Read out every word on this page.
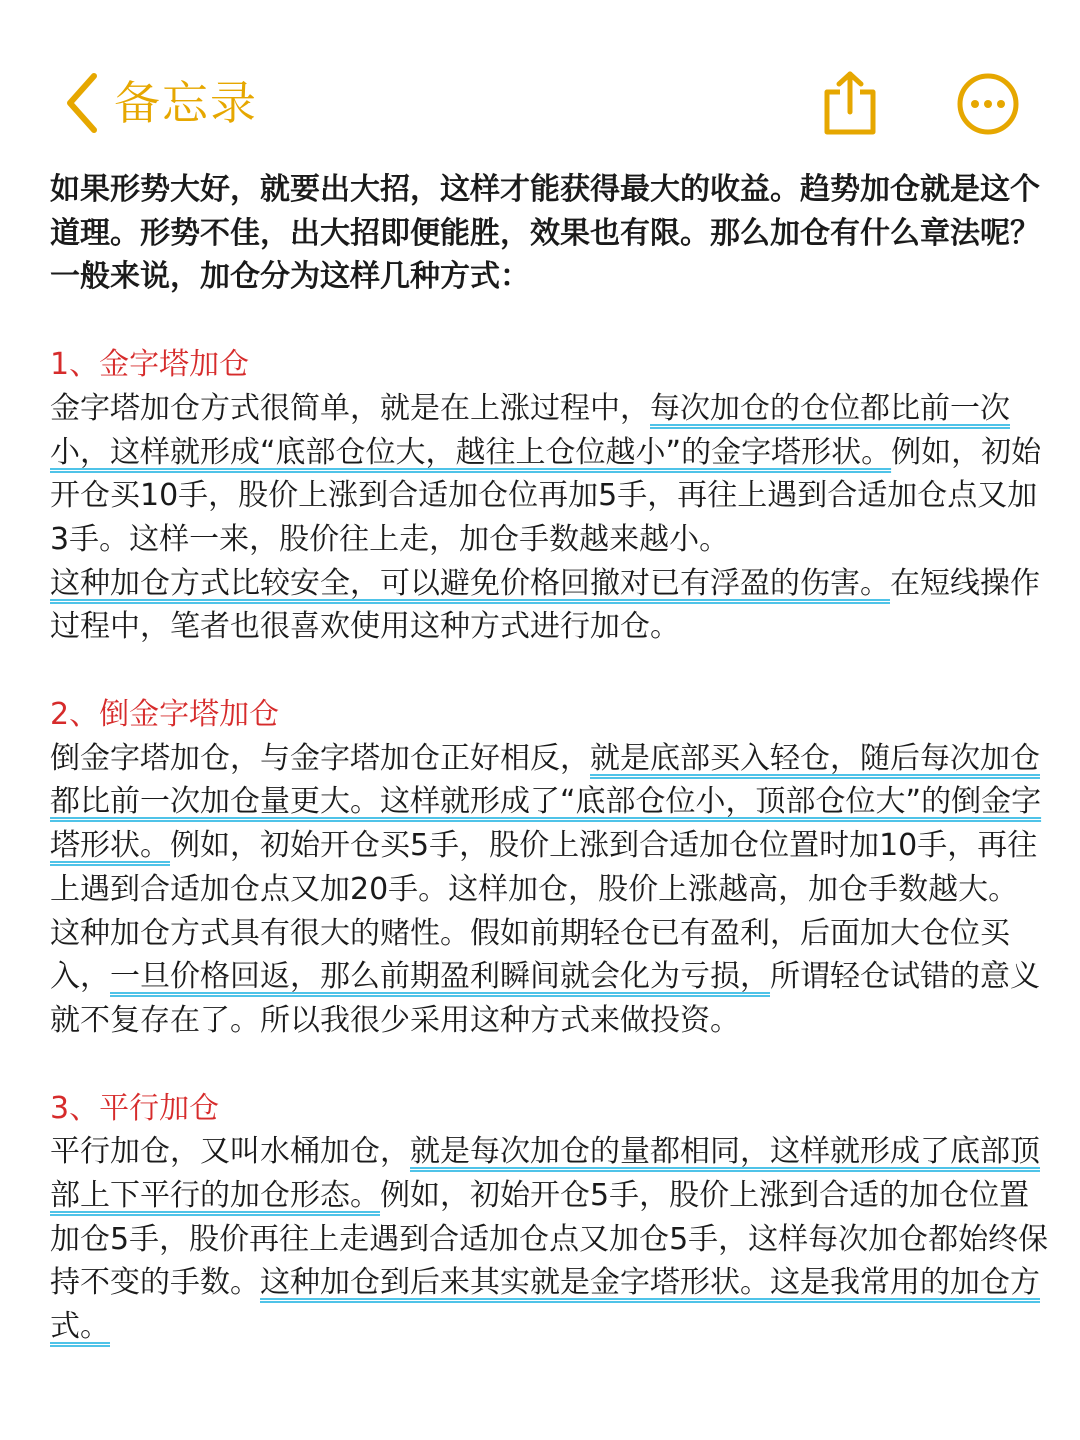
备忘录

如果形势大好，就要出大招，这样才能获得最大的收益。趋势加仓就是这个道理。形势不佳，出大招即便能胜，效果也有限。那么加仓有什么章法呢？一般来说，加仓分为这样几种方式：

1、金字塔加仓

金字塔加仓方式很简单，就是在上涨过程中，每次加仓的仓位都比前一次小，这样就形成“底部仓位大，越往上仓位越小”的金字塔形状。例如，初始开仓买10手，股价上涨到合适加仓位再加5手，再往上遇到合适加仓点又加3手。这样一来，股价往上走，加仓手数越来越小。

这种加仓方式比较安全，可以避免价格回撤对已有浮盈的伤害。在短线操作过程中，笔者也很喜欢使用这种方式进行加仓。

2、倒金字塔加仓

倒金字塔加仓，与金字塔加仓正好相反，就是底部买入轻仓，随后每次加仓都比前一次加仓量更大。这样就形成了“底部仓位小，顶部仓位大”的倒金字塔形状。例如，初始开仓买5手，股价上涨到合适加仓位置时加10手，再往上遇到合适加仓点又加20手。这样加仓，股价上涨越高，加仓手数越大。

这种加仓方式具有很大的赌性。假如前期轻仓已有盈利，后面加大仓位买入，一旦价格回返，那么前期盈利瞬间就会化为亏损，所谓轻仓试错的意义就不复存在了。所以我很少采用这种方式来做投资。

3、平行加仓

平行加仓，又叫水桶加仓，就是每次加仓的量都相同，这样就形成了底部顶部上下平行的加仓形态。例如，初始开仓5手，股价上涨到合适的加仓位置加仓5手，股价再往上走遇到合适加仓点又加仓5手，这样每次加仓都始终保持不变的手数。这种加仓到后来其实就是金字塔形状。这是我常用的加仓方式。
